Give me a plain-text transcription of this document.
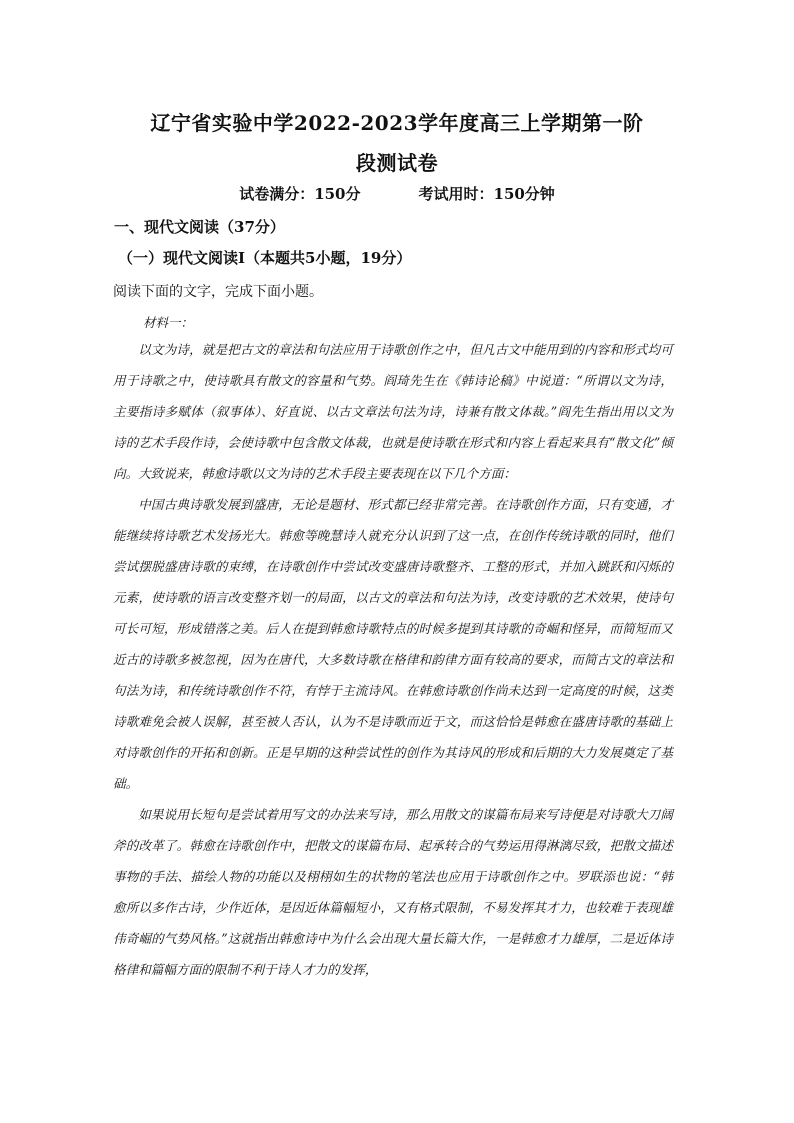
辽宁省实验中学2022-2023学年度高三上学期第一阶
段测试卷
试卷满分：150分	考试用时：150分钟
一、现代文阅读（37分）
（一）现代文阅读Ⅰ（本题共5小题，19分）
阅读下面的文字，完成下面小题。
材料一：

以文为诗，就是把古文的章法和句法应用于诗歌创作之中，但凡古文中能用到的内容和形式均可用于诗歌之中，使诗歌具有散文的容量和气势。阎琦先生在《韩诗论稿》中说道：“所谓以文为诗，主要指诗多赋体（叙事体）、好直说、以古文章法句法为诗，诗兼有散文体裁。”阎先生指出用以文为诗的艺术手段作诗，会使诗歌中包含散文体裁，也就是使诗歌在形式和内容上看起来具有“散文化”倾向。大致说来，韩愈诗歌以文为诗的艺术手段主要表现在以下几个方面：

中国古典诗歌发展到盛唐，无论是题材、形式都已经非常完善。在诗歌创作方面，只有变通，才能继续将诗歌艺术发扬光大。韩愈等晚慧诗人就充分认识到了这一点，在创作传统诗歌的同时，他们尝试摆脱盛唐诗歌的束缚，在诗歌创作中尝试改变盛唐诗歌整齐、工整的形式，并加入跳跃和闪烁的元素，使诗歌的语言改变整齐划一的局面，以古文的章法和句法为诗，改变诗歌的艺术效果，使诗句可长可短，形成错落之美。后人在提到韩愈诗歌特点的时候多提到其诗歌的奇崛和怪异，而简短而又近古的诗歌多被忽视，因为在唐代，大多数诗歌在格律和韵律方面有较高的要求，而简古文的章法和句法为诗，和传统诗歌创作不符，有悖于主流诗风。在韩愈诗歌创作尚未达到一定高度的时候，这类诗歌难免会被人误解，甚至被人否认，认为不是诗歌而近于文，而这恰恰是韩愈在盛唐诗歌的基础上对诗歌创作的开拓和创新。正是早期的这种尝试性的创作为其诗风的形成和后期的大力发展奠定了基础。

如果说用长短句是尝试着用写文的办法来写诗，那么用散文的谋篇布局来写诗便是对诗歌大刀阔斧的改革了。韩愈在诗歌创作中，把散文的谋篇布局、起承转合的气势运用得淋漓尽致，把散文描述事物的手法、描绘人物的功能以及栩栩如生的状物的笔法也应用于诗歌创作之中。罗联添也说：“韩愈所以多作古诗，少作近体，是因近体篇幅短小，又有格式限制，不易发挥其才力，也较难于表现雄伟奇崛的气势风格。”这就指出韩愈诗中为什么会出现大量长篇大作，一是韩愈才力雄厚，二是近体诗格律和篇幅方面的限制不利于诗人才力的发挥，
